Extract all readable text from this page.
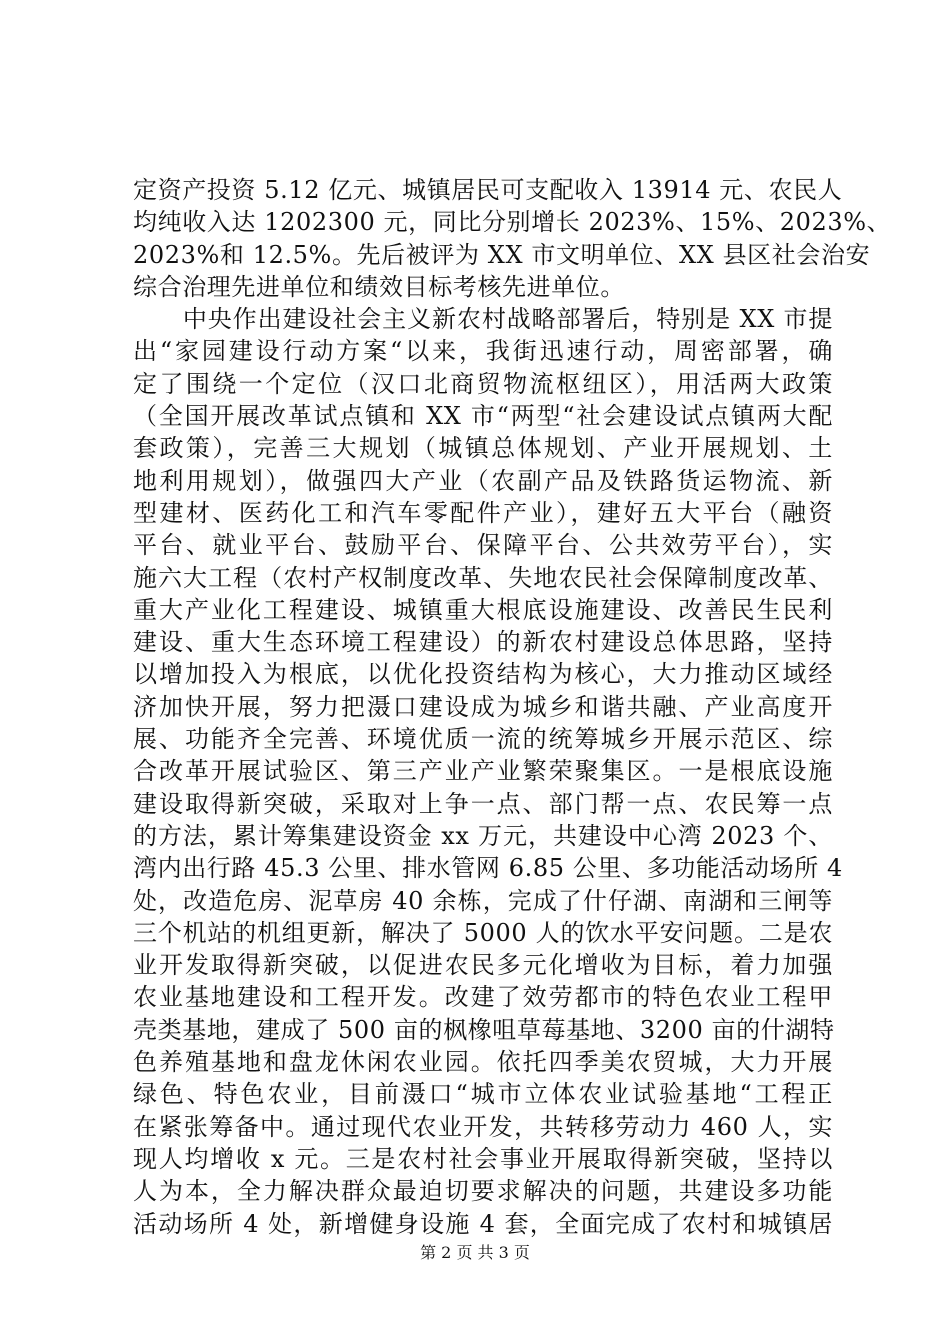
定资产投资 5.12 亿元、城镇居民可支配收入 13914 元、农民人
均纯收入达 1202300 元，同比分别增长 2023%、15%、2023%、
2023%和 12.5%。先后被评为 XX 市文明单位、XX 县区社会治安
综合治理先进单位和绩效目标考核先进单位。
　　中央作出建设社会主义新农村战略部署后，特别是 XX 市提
出“家园建设行动方案“以来，我街迅速行动，周密部署，确
定了围绕一个定位（汉口北商贸物流枢纽区），用活两大政策
（全国开展改革试点镇和 XX 市“两型“社会建设试点镇两大配
套政策），完善三大规划（城镇总体规划、产业开展规划、土
地利用规划），做强四大产业（农副产品及铁路货运物流、新
型建材、医药化工和汽车零配件产业），建好五大平台（融资
平台、就业平台、鼓励平台、保障平台、公共效劳平台），实
施六大工程（农村产权制度改革、失地农民社会保障制度改革、
重大产业化工程建设、城镇重大根底设施建设、改善民生民利
建设、重大生态环境工程建设）的新农村建设总体思路，坚持
以增加投入为根底，以优化投资结构为核心，大力推动区域经
济加快开展，努力把滠口建设成为城乡和谐共融、产业高度开
展、功能齐全完善、环境优质一流的统筹城乡开展示范区、综
合改革开展试验区、第三产业产业繁荣聚集区。一是根底设施
建设取得新突破，采取对上争一点、部门帮一点、农民筹一点
的方法，累计筹集建设资金 xx 万元，共建设中心湾 2023 个、
湾内出行路 45.3 公里、排水管网 6.85 公里、多功能活动场所 4
处，改造危房、泥草房 40 余栋，完成了什仔湖、南湖和三闸等
三个机站的机组更新，解决了 5000 人的饮水平安问题。二是农
业开发取得新突破，以促进农民多元化增收为目标，着力加强
农业基地建设和工程开发。改建了效劳都市的特色农业工程甲
壳类基地，建成了 500 亩的枫橡咀草莓基地、3200 亩的什湖特
色养殖基地和盘龙休闲农业园。依托四季美农贸城，大力开展
绿色、特色农业，目前滠口“城市立体农业试验基地“工程正
在紧张筹备中。通过现代农业开发，共转移劳动力 460 人，实
现人均增收 x 元。三是农村社会事业开展取得新突破，坚持以
人为本，全力解决群众最迫切要求解决的问题，共建设多功能
活动场所 4 处，新增健身设施 4 套，全面完成了农村和城镇居
第 2 页 共 3 页
